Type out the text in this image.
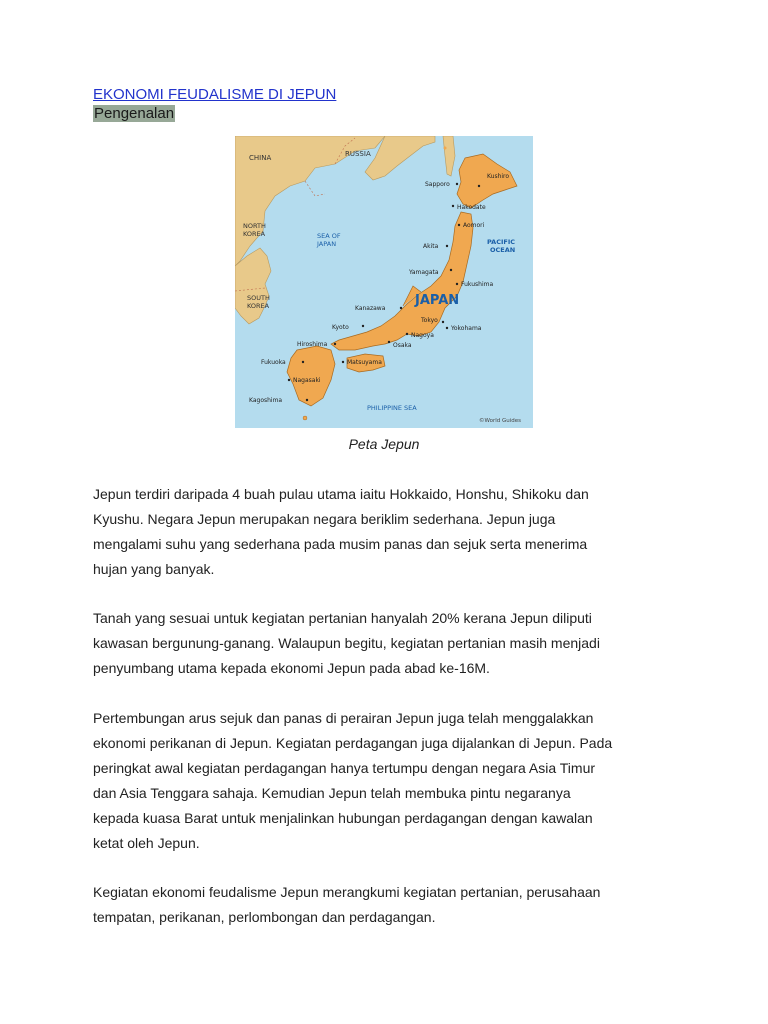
EKONOMI FEUDALISME DI JEPUN
Pengenalan
CHINA	RUSSIA
NORTH
KOREA
SOUTH
KOREA
SEA OF
JAPAN	PACIFIC
OCEAN
JAPAN
PHILIPPINE SEA
©World Guides
Kushiro
Sapporo
Hakodate
Aomori
Akita
Yamagata
Fukushima
Kanazawa
Tokyo
Yokohama
Kyoto
Nagoya
Hiroshima	Osaka
Matsuyama
Fukuoka
Nagasaki
Kagoshima
Peta Jepun

Jepun terdiri daripada 4 buah pulau utama iaitu Hokkaido, Honshu, Shikoku dan
Kyushu. Negara Jepun merupakan negara beriklim sederhana. Jepun juga
mengalami suhu yang sederhana pada musim panas dan sejuk serta menerima
hujan yang banyak.

Tanah yang sesuai untuk kegiatan pertanian hanyalah 20% kerana Jepun diliputi
kawasan bergunung-ganang. Walaupun begitu, kegiatan pertanian masih menjadi
penyumbang utama kepada ekonomi Jepun pada abad ke-16M.

Pertembungan arus sejuk dan panas di perairan Jepun juga telah menggalakkan
ekonomi perikanan di Jepun. Kegiatan perdagangan juga dijalankan di Jepun. Pada
peringkat awal kegiatan perdagangan hanya tertumpu dengan negara Asia Timur
dan Asia Tenggara sahaja. Kemudian Jepun telah membuka pintu negaranya
kepada kuasa Barat untuk menjalinkan hubungan perdagangan dengan kawalan
ketat oleh Jepun.

Kegiatan ekonomi feudalisme Jepun merangkumi kegiatan pertanian, perusahaan
tempatan, perikanan, perlombongan dan perdagangan.
